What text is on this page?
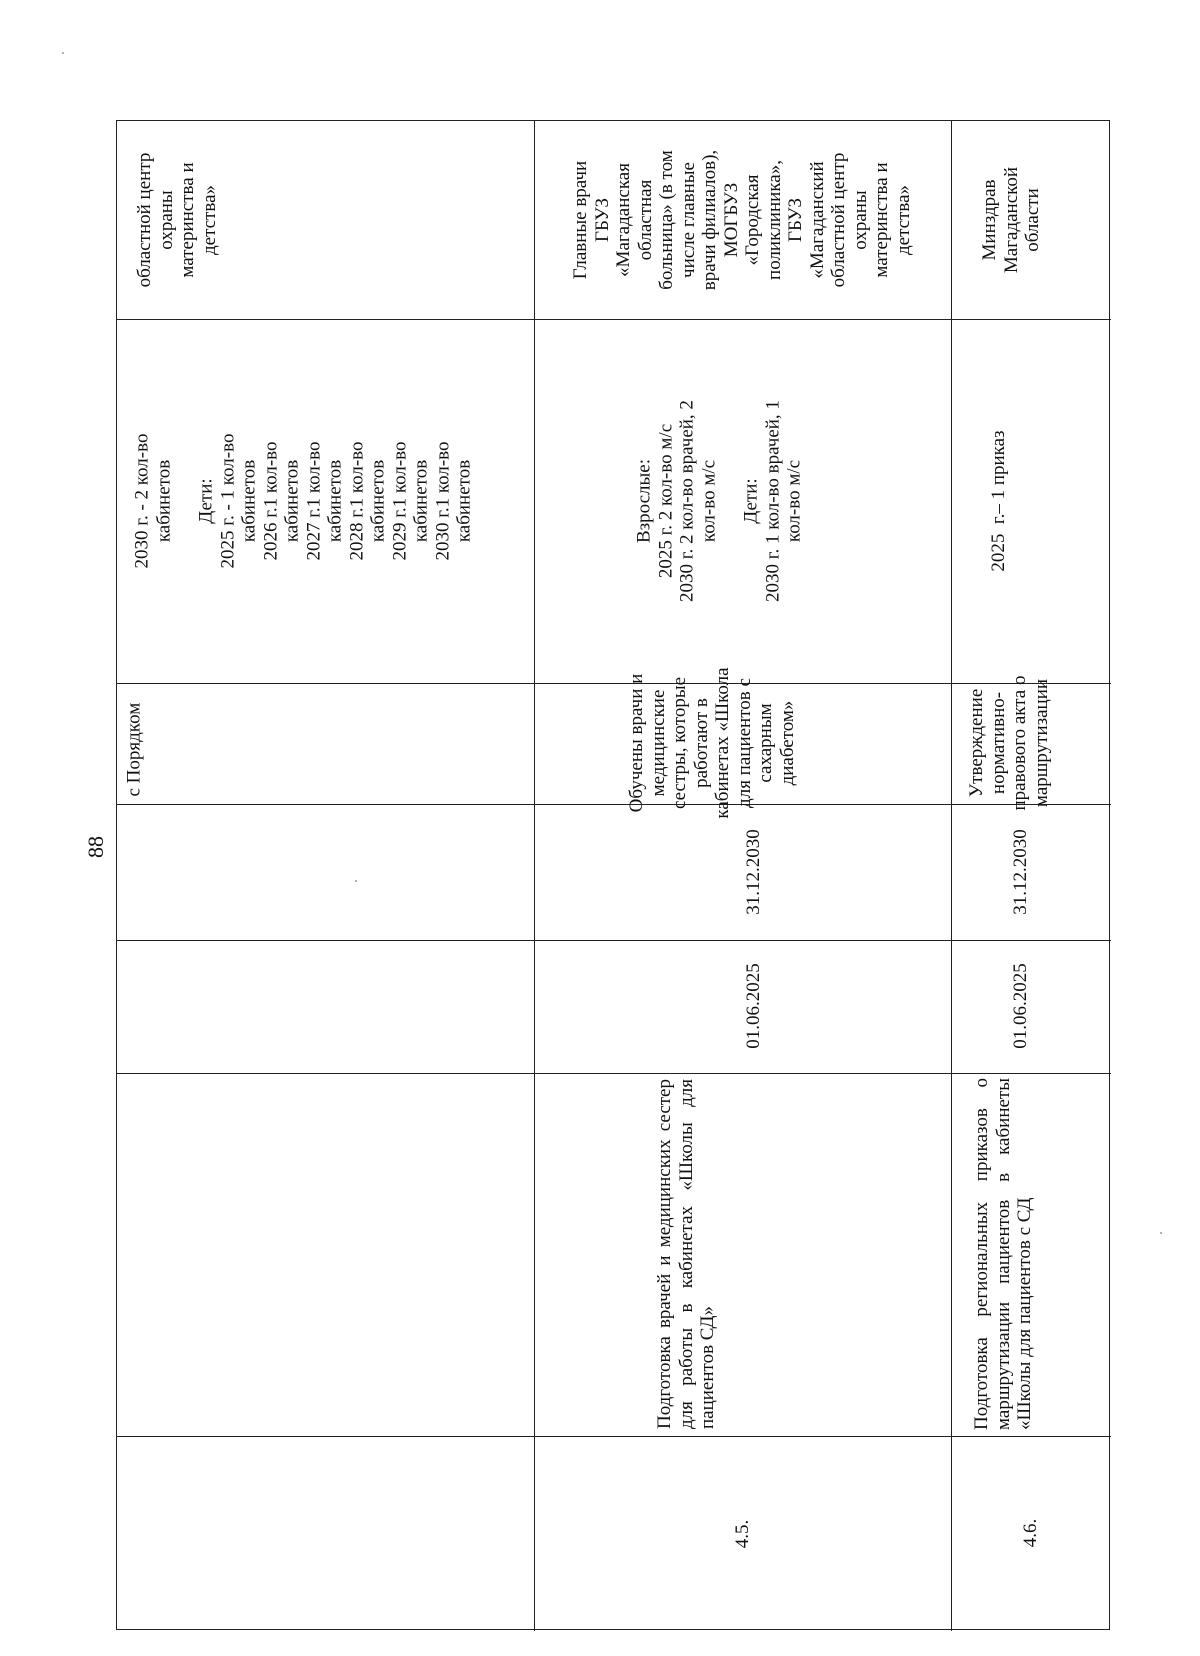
88
с Порядком
2030 г. - 2 кол-во кабинетов Дети: 2025 г. - 1 кол-во кабинетов 2026 г.1 кол-во кабинетов 2027 г.1 кол-во кабинетов 2028 г.1 кол-во кабинетов 2029 г.1 кол-во кабинетов 2030 г.1 кол-во кабинетов
областной центр охраны материнства и детства»
4.5.
Подготовка врачей и медицинских сестер для работы в кабинетах «Школы для пациентов СД»
01.06.2025
31.12.2030
Обучены врачи и медицинские сестры, которые работают в кабинетах «Школа для пациентов с сахарным диабетом»
Взрослые: 2025 г. 2 кол-во м/с 2030 г. 2 кол-во врачей, 2 кол-во м/с Дети: 2030 г. 1 кол-во врачей, 1 кол-во м/с
Главные врачи ГБУЗ «Магаданская областная больница» (в том числе главные врачи филиалов), МОГБУЗ «Городская поликлиника», ГБУЗ «Магаданский областной центр охраны материнства и детства»
4.6.
Подготовка региональных приказов о маршрутизации пациентов в кабинеты «Школы для пациентов с СД
01.06.2025
31.12.2030
Утверждение нормативно- правового акта о маршрутизации
2025  г.– 1 приказ
Минздрав Магаданской области
